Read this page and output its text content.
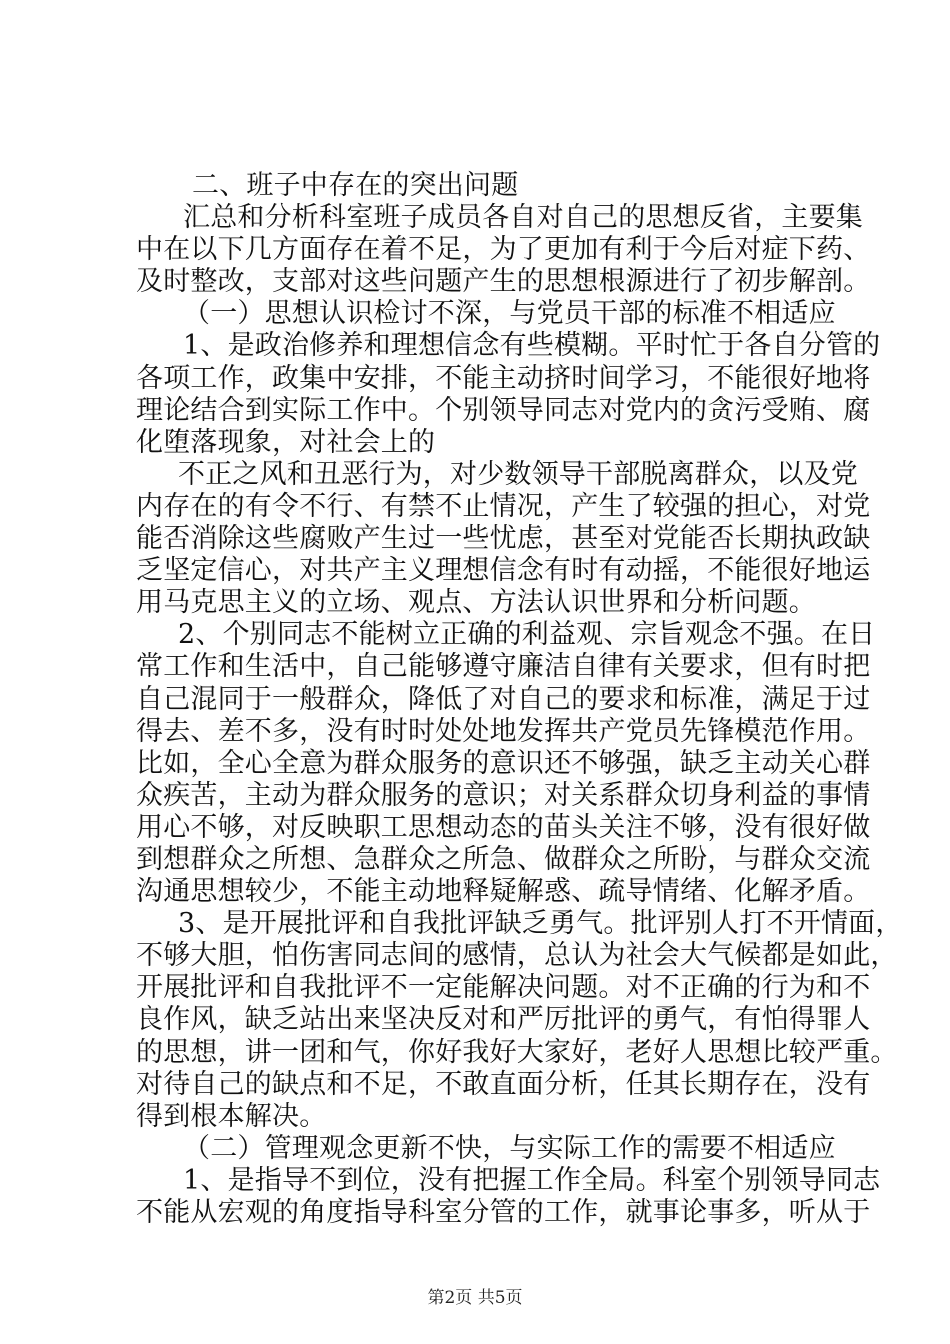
二、班子中存在的突出问题
汇总和分析科室班子成员各自对自己的思想反省，主要集
中在以下几方面存在着不足，为了更加有利于今后对症下药、
及时整改，支部对这些问题产生的思想根源进行了初步解剖。
（一）思想认识检讨不深，与党员干部的标准不相适应
1、是政治修养和理想信念有些模糊。平时忙于各自分管的
各项工作，政集中安排，不能主动挤时间学习，不能很好地将
理论结合到实际工作中。个别领导同志对党内的贪污受贿、腐
化堕落现象，对社会上的
不正之风和丑恶行为，对少数领导干部脱离群众，以及党
内存在的有令不行、有禁不止情况，产生了较强的担心，对党
能否消除这些腐败产生过一些忧虑，甚至对党能否长期执政缺
乏坚定信心，对共产主义理想信念有时有动摇，不能很好地运
用马克思主义的立场、观点、方法认识世界和分析问题。
2、个别同志不能树立正确的利益观、宗旨观念不强。在日
常工作和生活中，自己能够遵守廉洁自律有关要求，但有时把
自己混同于一般群众，降低了对自己的要求和标准，满足于过
得去、差不多，没有时时处处地发挥共产党员先锋模范作用。
比如，全心全意为群众服务的意识还不够强，缺乏主动关心群
众疾苦，主动为群众服务的意识；对关系群众切身利益的事情
用心不够，对反映职工思想动态的苗头关注不够，没有很好做
到想群众之所想、急群众之所急、做群众之所盼，与群众交流
沟通思想较少，不能主动地释疑解惑、疏导情绪、化解矛盾。
3、是开展批评和自我批评缺乏勇气。批评别人打不开情面，
不够大胆，怕伤害同志间的感情，总认为社会大气候都是如此，
开展批评和自我批评不一定能解决问题。对不正确的行为和不
良作风，缺乏站出来坚决反对和严厉批评的勇气，有怕得罪人
的思想，讲一团和气，你好我好大家好，老好人思想比较严重。
对待自己的缺点和不足，不敢直面分析，任其长期存在，没有
得到根本解决。
（二）管理观念更新不快，与实际工作的需要不相适应
1、是指导不到位，没有把握工作全局。科室个别领导同志
不能从宏观的角度指导科室分管的工作，就事论事多，听从于
第2页 共5页
